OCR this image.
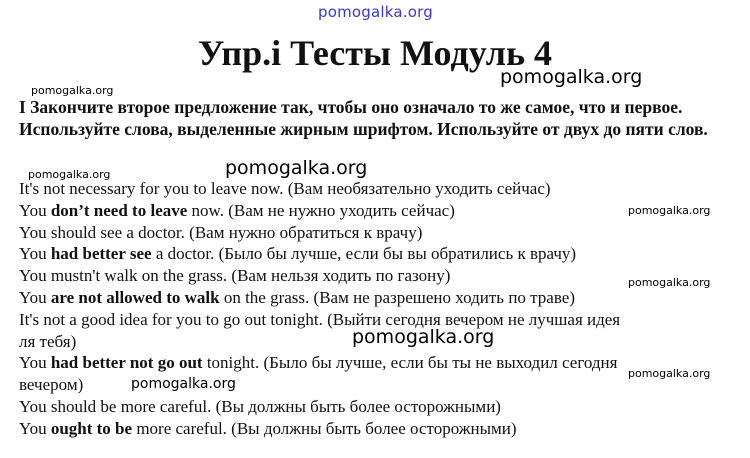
pomogalka.org
pomogalka.org
pomogalka.org
pomogalka.org	pomogalka.org
pomogalka.org
pomogalka.org
pomogalka.org
pomogalka.org
pomogalka.org
Упр.i Тесты Модуль 4
I Закончите второе предложение так, чтобы оно означало то же самое, что и первое. Используйте слова, выделенные жирным шрифтом. Используйте от двух до пяти слов.
It's not necessary for you to leave now. (Вам необязательно уходить сейчас)
You don’t need to leave now. (Вам не нужно уходить сейчас)
You should see a doctor. (Вам нужно обратиться к врачу)
You had better see a doctor. (Было бы лучше, если бы вы обратились к врачу)
You mustn't walk on the grass. (Вам нельзя ходить по газону)
You are not allowed to walk on the grass. (Вам не разрешено ходить по траве)
It's not a good idea for you to go out tonight. (Выйти сегодня вечером не лучшая идея ля тебя)
You had better not go out tonight. (Было бы лучше, если бы ты не выходил сегодня вечером)
You should be more careful. (Вы должны быть более осторожными)
You ought to be more careful. (Вы должны быть более осторожными)
